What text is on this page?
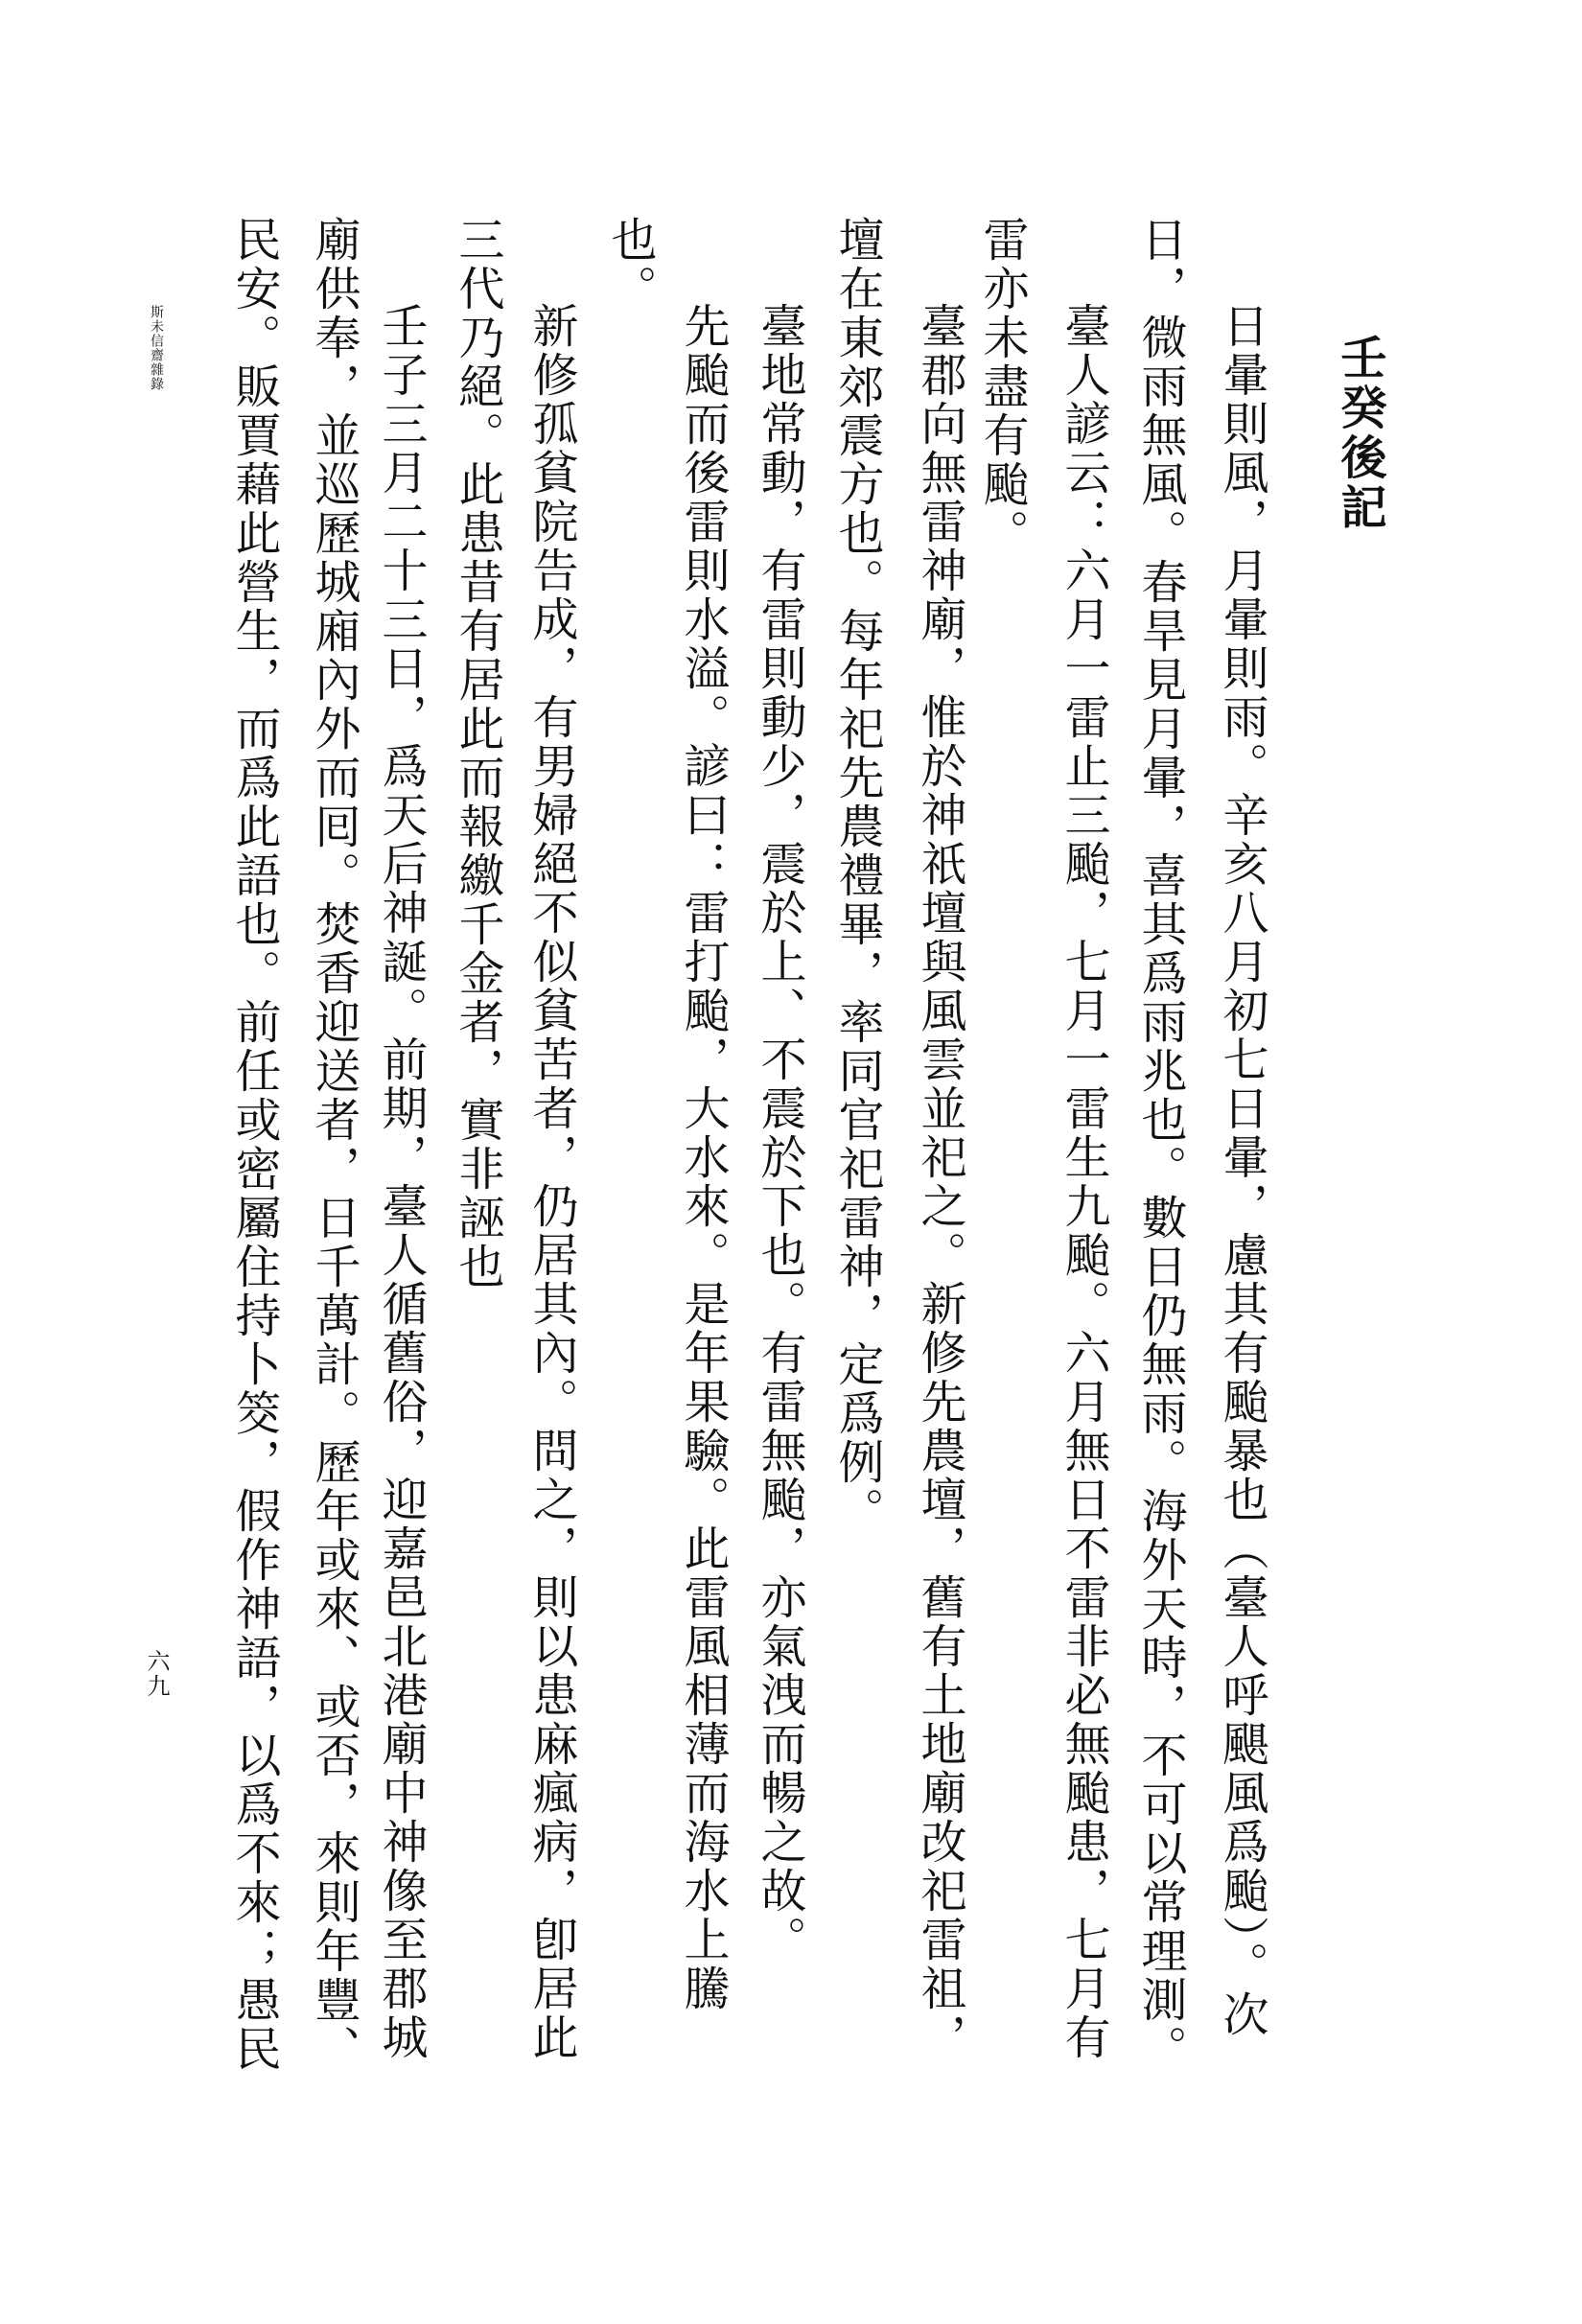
壬癸後記
日暈則風，月暈則雨。辛亥八月初七日暈，慮其有颱暴也（臺人呼颶風爲颱）。次
日，微雨無風。春旱見月暈，喜其爲雨兆也。數日仍無雨。海外天時，不可以常理測。
臺人諺云：六月一雷止三颱，七月一雷生九颱。六月無日不雷非必無颱患，七月有
雷亦未盡有颱。
臺郡向無雷神廟，惟於神祇壇與風雲並祀之。新修先農壇，舊有土地廟改祀雷祖，
壇在東郊震方也。每年祀先農禮畢，率同官祀雷神，定爲例。
臺地常動，有雷則動少，震於上、不震於下也。有雷無颱，亦氣洩而暢之故。
先颱而後雷則水溢。諺曰：雷打颱，大水來。是年果驗。此雷風相薄而海水上騰
也。
新修孤貧院告成，有男婦絕不似貧苦者，仍居其內。問之，則以患麻瘋病，卽居此
三代乃絕。此患昔有居此而報繳千金者，實非誣也
壬子三月二十三日，爲天后神誕。前期，臺人循舊俗，迎嘉邑北港廟中神像至郡城
廟供奉，並巡歷城廂內外而囘。焚香迎送者，日千萬計。歷年或來、或否，來則年豐、
民安。販賈藉此營生，而爲此語也。前任或密屬住持卜筊，假作神語，以爲不來；愚民
斯未信齋雜錄
六九
